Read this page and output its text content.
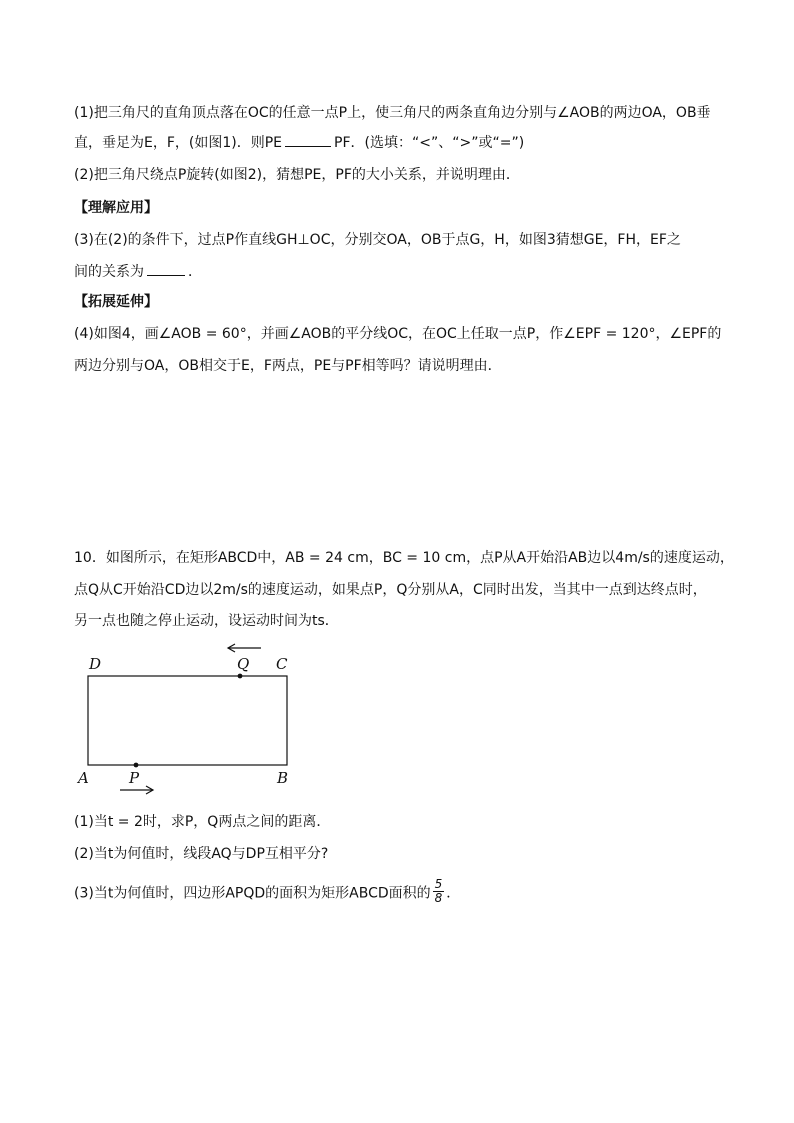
(1)把三角尺的直角顶点落在OC的任意一点P上，使三角尺的两条直角边分别与∠AOB的两边OA，OB垂
直，垂足为E，F，(如图1)．则PE	PF．(选填：“<”、“>”或“=”)
(2)把三角尺绕点P旋转(如图2)，猜想PE，PF的大小关系，并说明理由．
【理解应用】
(3)在(2)的条件下，过点P作直线GH⊥OC，分别交OA，OB于点G，H，如图3猜想GE，FH，EF之
间的关系为	．
【拓展延伸】
(4)如图4，画∠AOB = 60°，并画∠AOB的平分线OC，在OC上任取一点P，作∠EPF = 120°，∠EPF的
两边分别与OA，OB相交于E，F两点，PE与PF相等吗？请说明理由．
10．如图所示，在矩形ABCD中，AB = 24 cm，BC = 10 cm，点P从A开始沿AB边以4m/s的速度运动，
点Q从C开始沿CD边以2m/s的速度运动，如果点P，Q分别从A，C同时出发，当其中一点到达终点时，
另一点也随之停止运动，设运动时间为ts．
D	Q C
A	P	B
(1)当t = 2时，求P，Q两点之间的距离．
(2)当t为何值时，线段AQ与DP互相平分?
(3)当t为何值时，四边形APQD的面积为矩形ABCD面积的 $\frac{5}{8}$ ．
